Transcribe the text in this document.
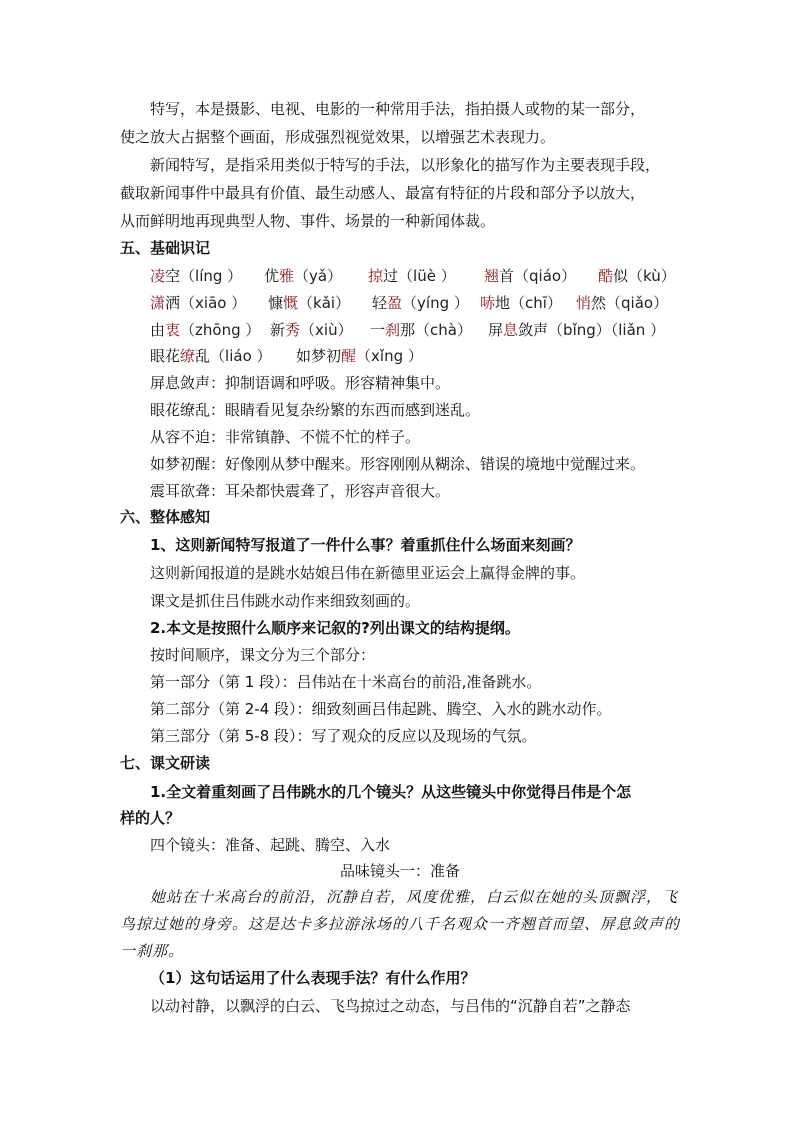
特写，本是摄影、电视、电影的一种常用手法，指拍摄人或物的某一部分，
使之放大占据整个画面，形成强烈视觉效果，以增强艺术表现力。
新闻特写，是指采用类似于特写的手法，以形象化的描写作为主要表现手段，
截取新闻事件中最具有价值、最生动感人、最富有特征的片段和部分予以放大，
从而鲜明地再现典型人物、事件、场景的一种新闻体裁。
五、基础识记
凌空（líng ） 优雅（yǎ） 掠过（lüè ） 翘首（qiáo） 酷似（kù）
潇洒（xiāo ） 慷慨（kǎi） 轻盈（yíng ） 哧地（chī） 悄然（qiǎo）
由衷（zhōng ） 新秀（xiù） 一刹那（chà） 屏息敛声（bǐng）（liǎn ）
眼花缭乱（liáo ） 如梦初醒（xǐng ）
屏息敛声：抑制语调和呼吸。形容精神集中。
眼花缭乱：眼睛看见复杂纷繁的东西而感到迷乱。
从容不迫：非常镇静、不慌不忙的样子。
如梦初醒：好像刚从梦中醒来。形容刚刚从糊涂、错误的境地中觉醒过来。
震耳欲聋：耳朵都快震聋了，形容声音很大。
六、整体感知
1、这则新闻特写报道了一件什么事？着重抓住什么场面来刻画？
这则新闻报道的是跳水姑娘吕伟在新德里亚运会上赢得金牌的事。
课文是抓住吕伟跳水动作来细致刻画的。
2.本文是按照什么顺序来记叙的?列出课文的结构提纲。
按时间顺序，课文分为三个部分：
第一部分（第 1 段）：吕伟站在十米高台的前沿,准备跳水。
第二部分（第 2-4 段）：细致刻画吕伟起跳、腾空、入水的跳水动作。
第三部分（第 5-8 段）：写了观众的反应以及现场的气氛。
七、课文研读
1.全文着重刻画了吕伟跳水的几个镜头？从这些镜头中你觉得吕伟是个怎
样的人？
四个镜头：准备、起跳、腾空、入水
品味镜头一：准备
她站在十米高台的前沿，沉静自若，风度优雅，白云似在她的头顶飘浮，飞
鸟掠过她的身旁。这是达卡多拉游泳场的八千名观众一齐翘首而望、屏息敛声的
一刹那。
（1）这句话运用了什么表现手法？有什么作用？
以动衬静，以飘浮的白云、飞鸟掠过之动态，与吕伟的“沉静自若”之静态
